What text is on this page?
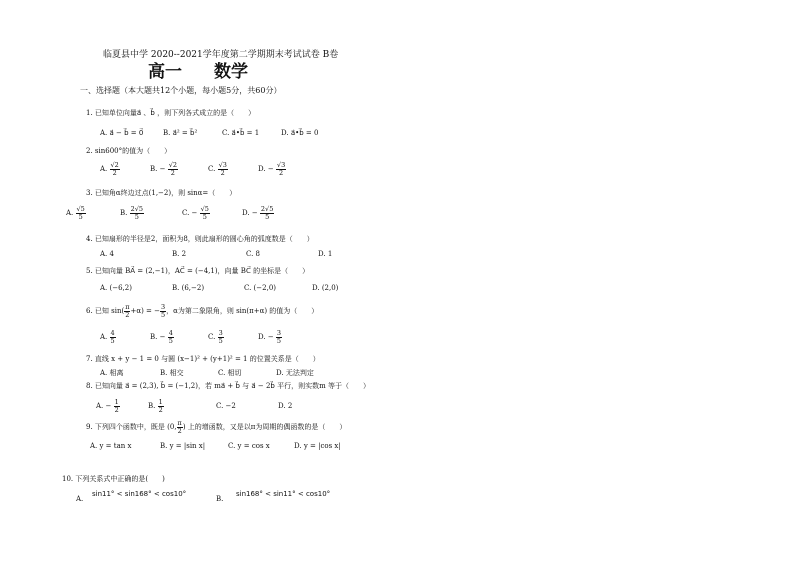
临夏县中学 2020--2021学年度第二学期期末考试试卷 B卷
高一 数学
一、选择题（本大题共12个小题，每小题5分，共60分）
1. 已知单位向量a⃗ 、b⃗ ，则下列各式成立的是（　　）
A. a⃗ − b⃗ = 0⃗	B. a⃗² = b⃗²	C. a⃗•b⃗ = 1	D. a⃗•b⃗ = 0
2. sin600°的值为（　　）
A. $\frac{√2}{2}$	B. − $\frac{√2}{2}$	C. $\frac{√3}{2}$	D. − $\frac{√3}{2}$
3. 已知角α终边过点(1,−2)，则 sinα=（　　）
A. $\frac{√5}{5}$	B. $\frac{2√5}{5}$	C. − $\frac{√5}{5}$	D. − $\frac{2√5}{5}$
4. 已知扇形的半径是2，面积为8，则此扇形的圆心角的弧度数是（　　）
A. 4	B. 2	C. 8	D. 1
5. 已知向量 BA⃗ = (2,−1)，AC⃗ = (−4,1)，向量 BC⃗ 的坐标是（　　）
A. (−6,2)	B. (6,−2)	C. (−2,0)	D. (2,0)
6. 已知 $\sin( \frac{\pi}{2} +\alpha)$ = − $\frac{3}{5}$ ，α为第二象限角，则 sin(π+α) 的值为（　　）
A. $\frac{4}{5}$	B. − $\frac{4}{5}$	C. $\frac{3}{5}$	D. − $\frac{3}{5}$
7. 直线 x + y − 1 = 0 与圆 (x−1)² + (y+1)² = 1 的位置关系是（　　）
A. 相离	B. 相交	C. 相切	D. 无法判定
8. 已知向量 a⃗ = (2,3), b⃗ = (−1,2)，若 ma⃗ + b⃗ 与 a⃗ − 2b⃗ 平行，则实数m 等于（　　）
A. − $\frac{1}{2}$	B. $\frac{1}{2}$	C. −2	D. 2
9. 下列四个函数中，既是 (0, $\frac{\pi}{2}$ ) 上的增函数，又是以π为周期的偶函数的是（　　）
A. y = tan x	B. y = |sin x|	C. y = cos x	D. y = |cos x|
10. 下列关系式中正确的是(　　)
A.
sin11° < sin168° < cos10°
B.
sin168° < sin11° < cos10°
